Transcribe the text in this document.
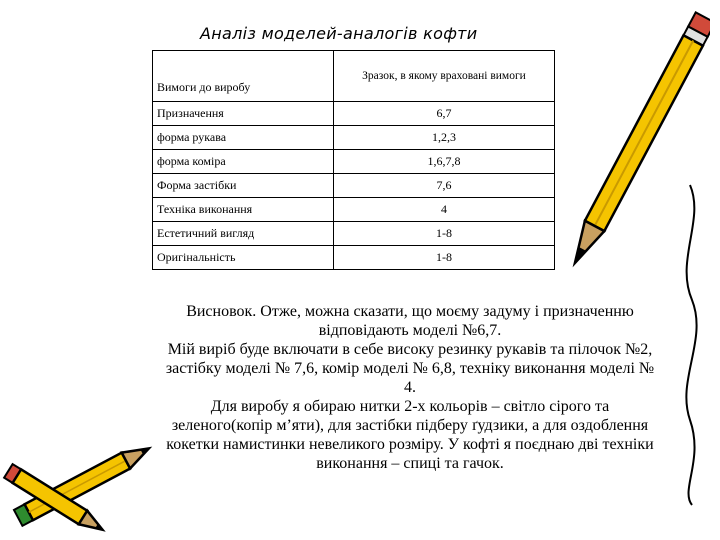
Аналіз моделей-аналогів кофти
Вимоги до виробу	Зразок, в якому враховані вимоги
Призначення	6,7
форма рукава	1,2,3
форма коміра	1,6,7,8
Форма застібки	7,6
Техніка виконання	4
Естетичний вигляд	1-8
Оригінальність	1-8

Висновок. Отже, можна сказати, що моєму задуму і призначенню відповідають моделі №6,7.

Мій виріб буде включати в себе високу резинку рукавів та пілочок №2, застібку моделі № 7,6, комір моделі № 6,8, техніку виконання моделі № 4.

Для виробу я обираю нитки 2-х кольорів – світло сірого та зеленого(копір м’яти), для застібки підберу ґудзики, а для оздоблення кокетки намистинки невеликого розміру. У кофті я поєднаю дві техніки виконання – спиці та гачок.
